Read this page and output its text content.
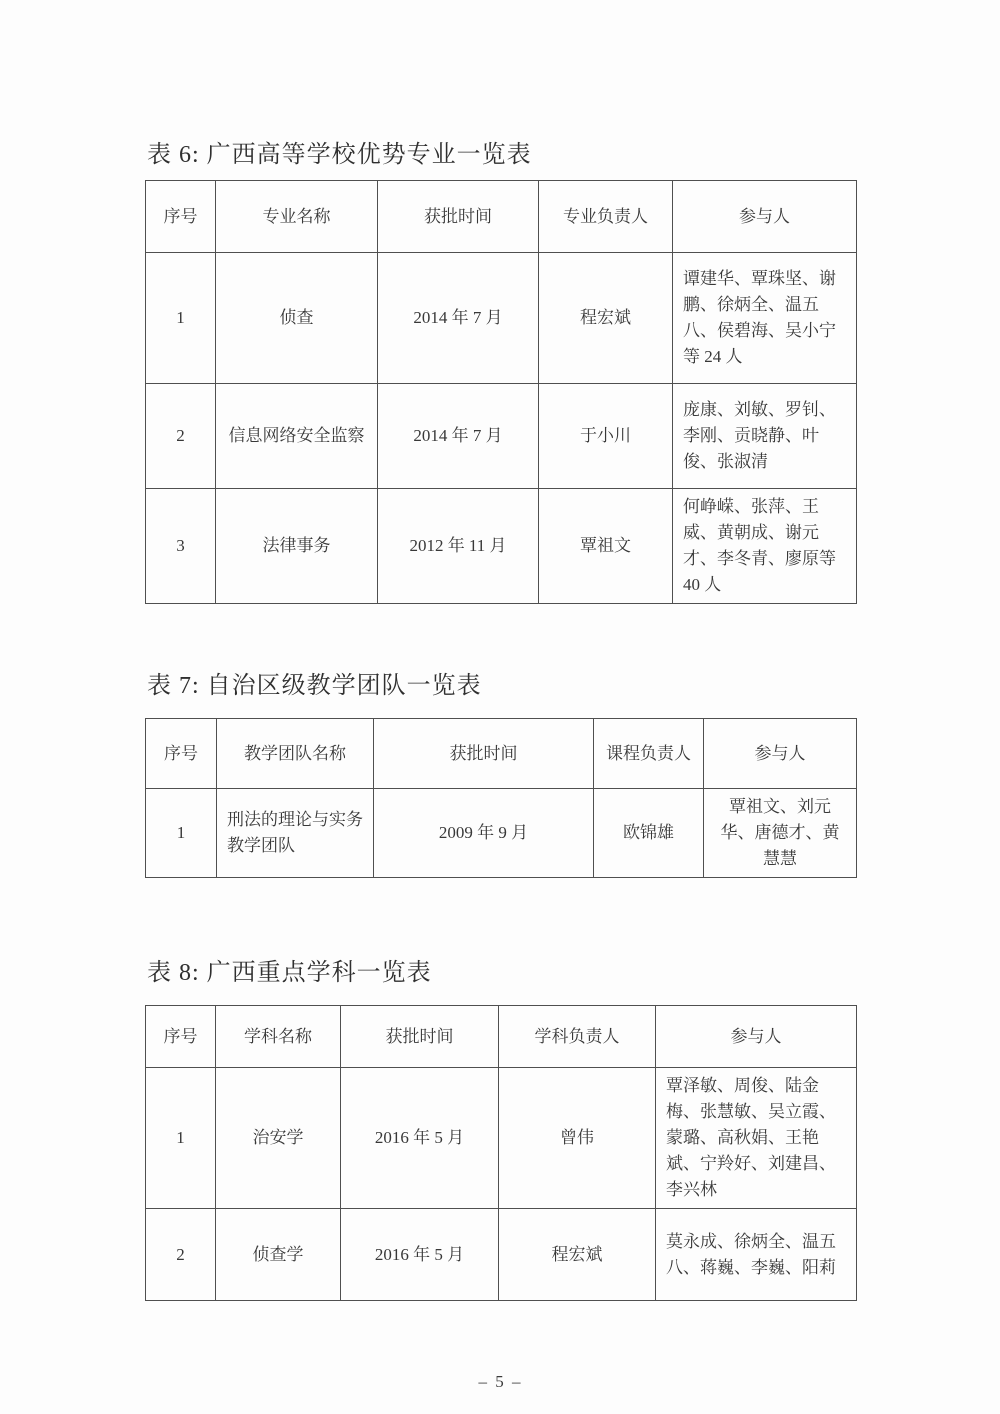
表 6: 广西高等学校优势专业一览表
序号	专业名称	获批时间	专业负责人	参与人
1	侦查	2014 年 7 月	程宏斌	谭建华、覃珠坚、谢鹏、徐炳全、温五八、侯碧海、吴小宁等 24 人
2	信息网络安全监察	2014 年 7 月	于小川	庞康、刘敏、罗钊、李刚、贡晓静、叶俊、张淑清
3	法律事务	2012 年 11 月	覃祖文	何峥嵘、张萍、王威、黄朝成、谢元才、李冬青、廖原等 40 人
表 7: 自治区级教学团队一览表
序号	教学团队名称	获批时间	课程负责人	参与人
1	刑法的理论与实务教学团队	2009 年 9 月	欧锦雄	覃祖文、刘元华、唐德才、黄慧慧
表 8: 广西重点学科一览表
序号	学科名称	获批时间	学科负责人	参与人
1	治安学	2016 年 5 月	曾伟	覃泽敏、周俊、陆金梅、张慧敏、吴立霞、蒙璐、高秋娟、王艳斌、宁羚好、刘建昌、李兴林
2	侦查学	2016 年 5 月	程宏斌	莫永成、徐炳全、温五八、蒋巍、李巍、阳莉
– 5 –
